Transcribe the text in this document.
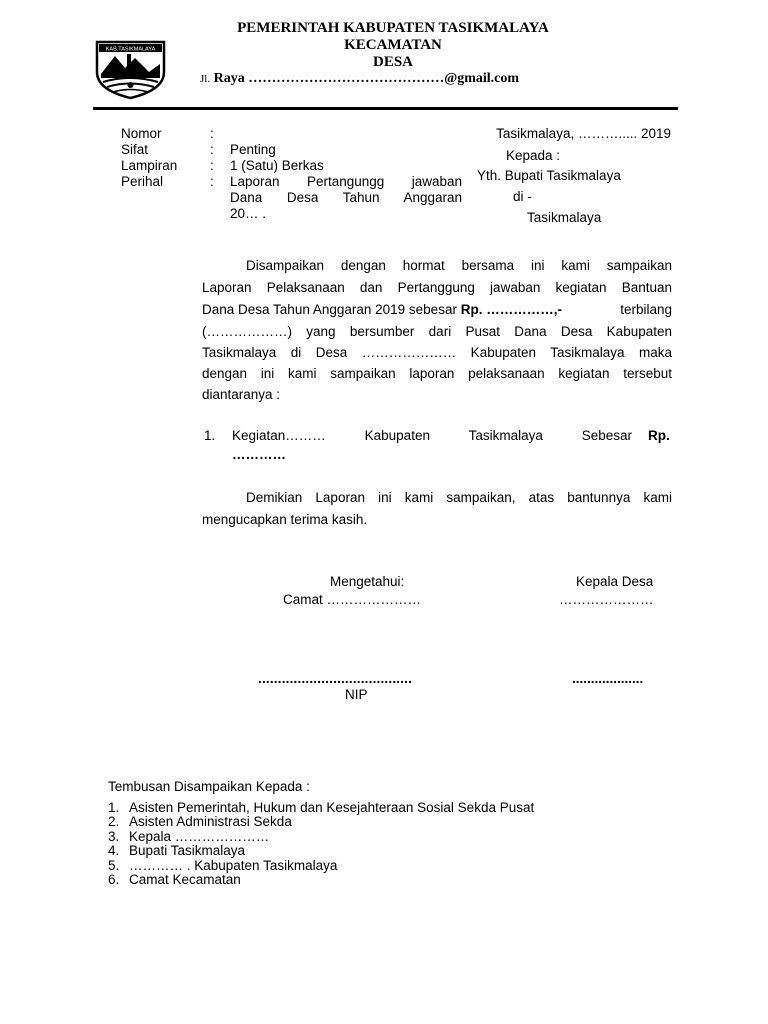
KAB.TASIKMALAYA
PEMERINTAH KABUPATEN TASIKMALAYA
KECAMATAN
DESA
Jl. Raya ……………………………………@gmail.com
Nomor	:
Sifat	: Penting
Lampiran : 1 (Satu) Berkas
Perihal	: Laporan Pertangungg jawaban
Dana Desa Tahun Anggaran
20… .
Tasikmalaya, ………..... 2019
Kepada :
Yth. Bupati Tasikmalaya
di -
Tasikmalaya
Disampaikan dengan hormat bersama ini kami sampaikan
Laporan Pelaksanaan dan Pertanggung jawaban kegiatan Bantuan
Dana Desa Tahun Anggaran 2019 sebesar Rp. ……………,-	terbilang
(………………) yang bersumber dari Pusat Dana Desa Kabupaten
Tasikmalaya di Desa ………………… Kabupaten Tasikmalaya maka
dengan ini kami sampaikan laporan pelaksanaan kegiatan tersebut
diantaranya :
1. Kegiatan……… Kabupaten Tasikmalaya Sebesar Rp.
…………
Demikian Laporan ini kami sampaikan, atas bantunnya kami
mengucapkan terima kasih.
Mengetahui:
Camat …………………
Kepala Desa
…………………
.......................................
NIP
...................
Tembusan Disampaikan Kepada :
1. Asisten Pemerintah, Hukum dan Kesejahteraan Sosial Sekda Pusat
2. Asisten Administrasi Sekda
3. Kepala …………………
4. Bupati Tasikmalaya
5. ………… . Kabupaten Tasikmalaya
6. Camat Kecamatan
